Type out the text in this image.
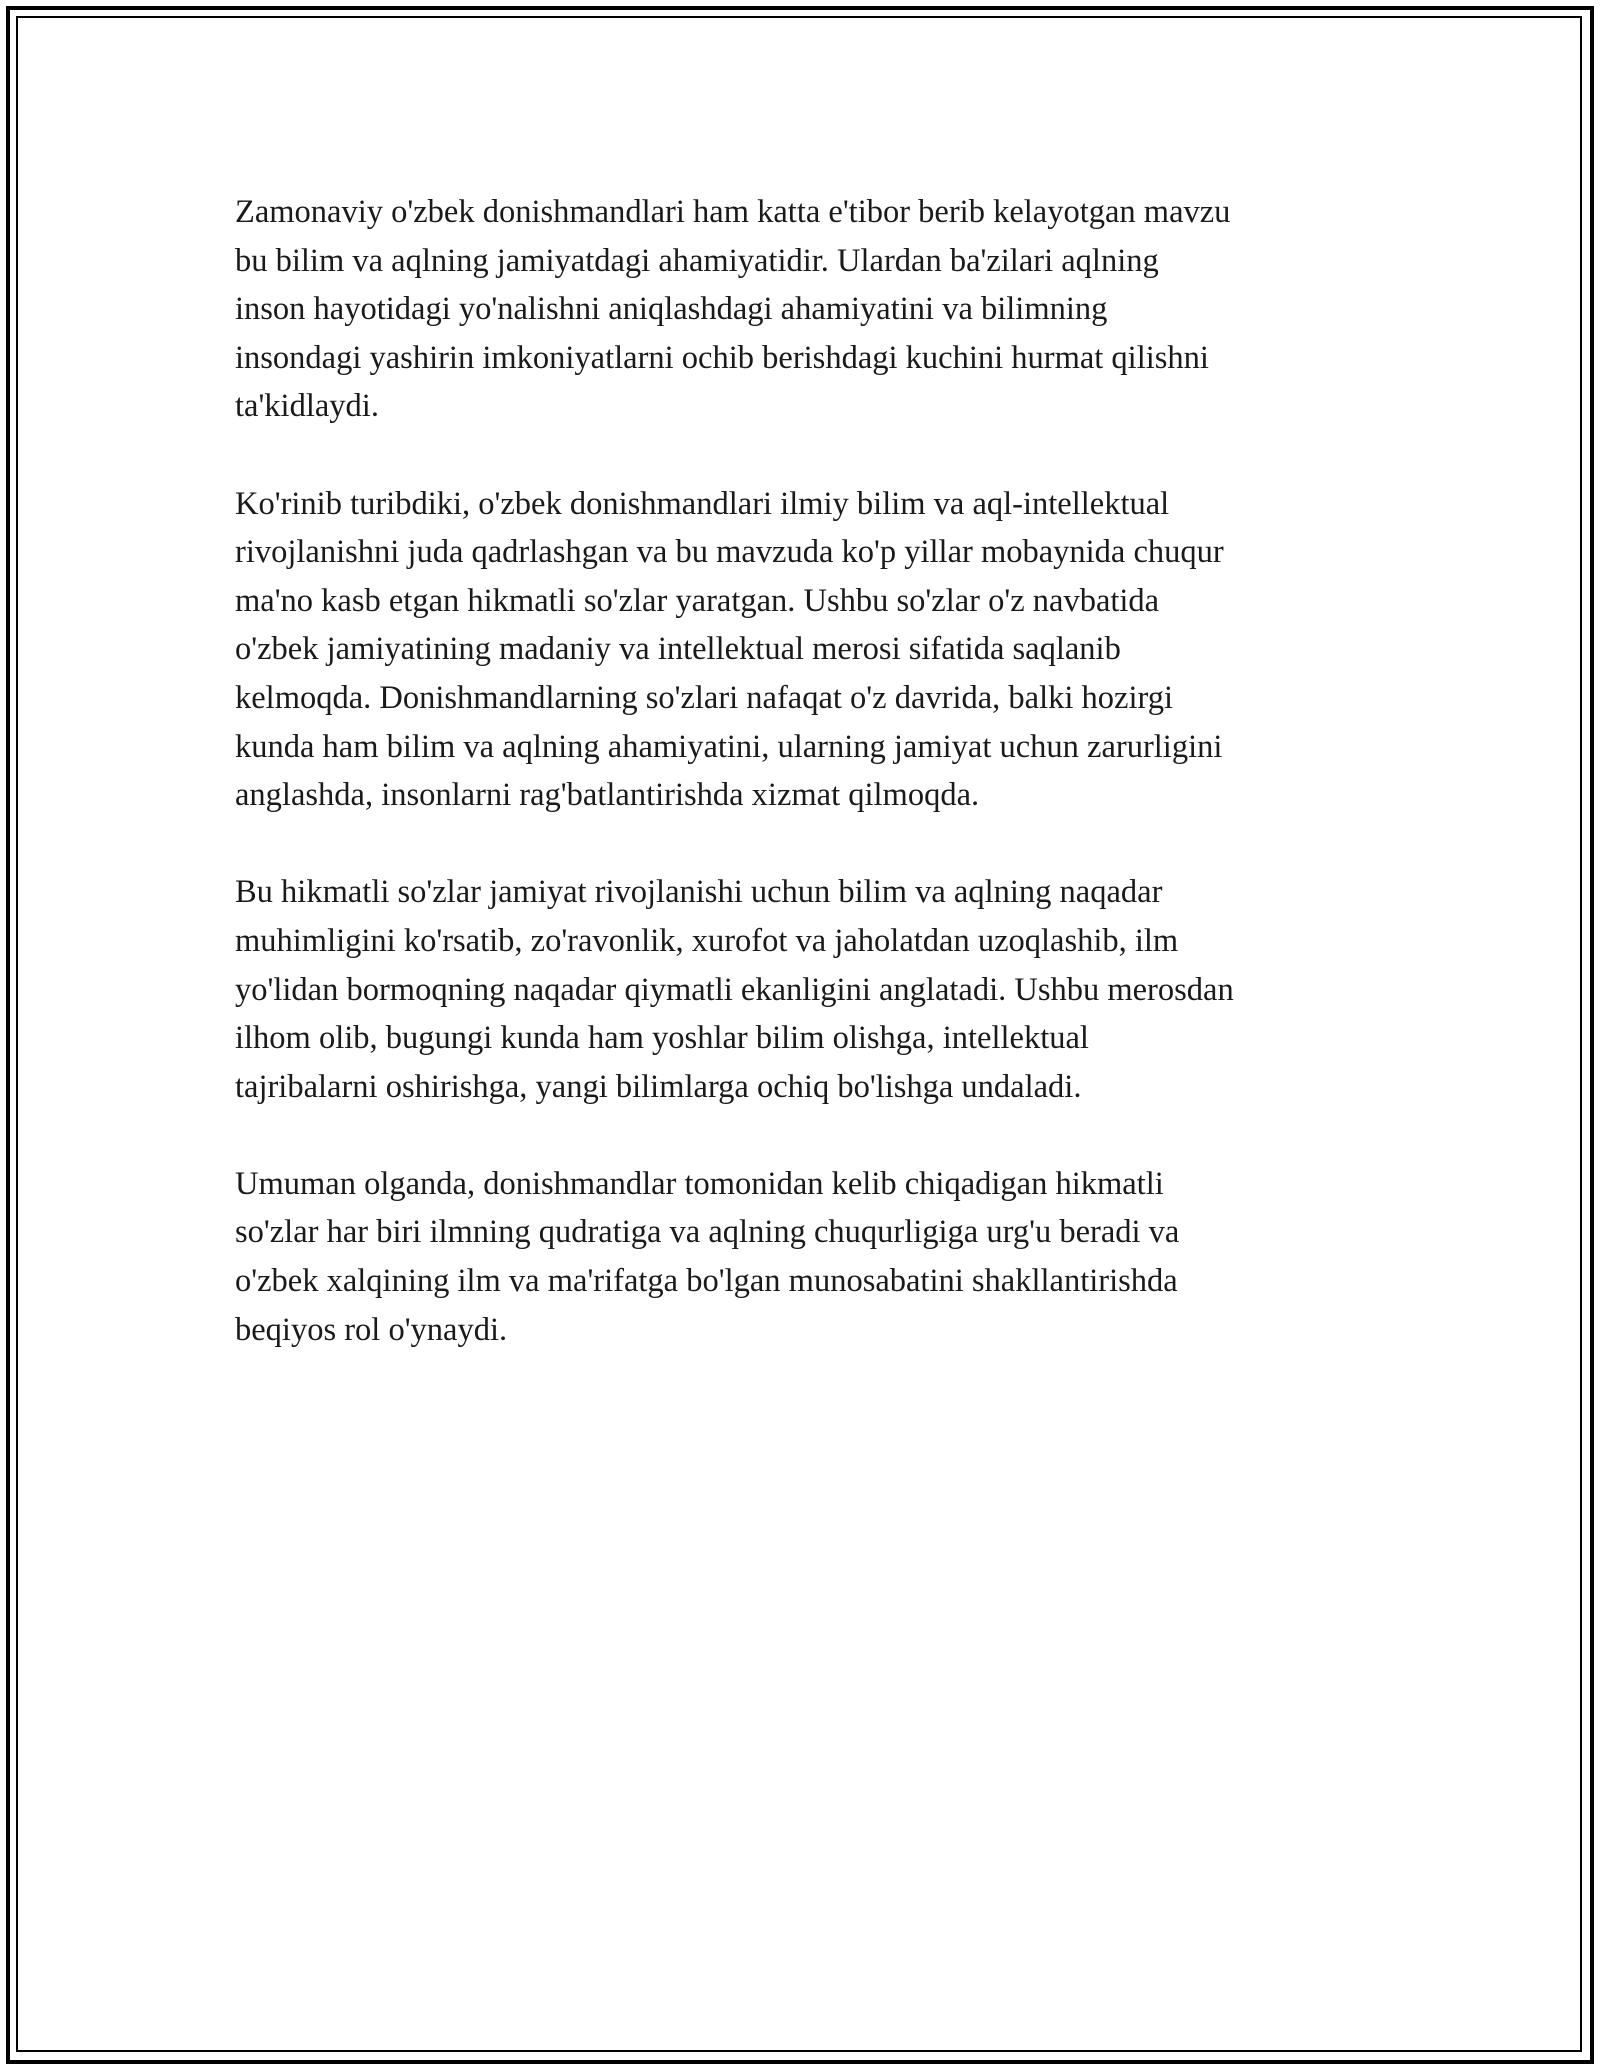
Zamonaviy o'zbek donishmandlari ham katta e'tibor berib kelayotgan mavzu
bu bilim va aqlning jamiyatdagi ahamiyatidir. Ulardan ba'zilari aqlning
inson hayotidagi yo'nalishni aniqlashdagi ahamiyatini va bilimning
insondagi yashirin imkoniyatlarni ochib berishdagi kuchini hurmat qilishni
ta'kidlaydi.

Ko'rinib turibdiki, o'zbek donishmandlari ilmiy bilim va aql-intellektual
rivojlanishni juda qadrlashgan va bu mavzuda ko'p yillar mobaynida chuqur
ma'no kasb etgan hikmatli so'zlar yaratgan. Ushbu so'zlar o'z navbatida
o'zbek jamiyatining madaniy va intellektual merosi sifatida saqlanib
kelmoqda. Donishmandlarning so'zlari nafaqat o'z davrida, balki hozirgi
kunda ham bilim va aqlning ahamiyatini, ularning jamiyat uchun zarurligini
anglashda, insonlarni rag'batlantirishda xizmat qilmoqda.

Bu hikmatli so'zlar jamiyat rivojlanishi uchun bilim va aqlning naqadar
muhimligini ko'rsatib, zo'ravonlik, xurofot va jaholatdan uzoqlashib, ilm
yo'lidan bormoqning naqadar qiymatli ekanligini anglatadi. Ushbu merosdan
ilhom olib, bugungi kunda ham yoshlar bilim olishga, intellektual
tajribalarni oshirishga, yangi bilimlarga ochiq bo'lishga undaladi.

Umuman olganda, donishmandlar tomonidan kelib chiqadigan hikmatli
so'zlar har biri ilmning qudratiga va aqlning chuqurligiga urg'u beradi va
o'zbek xalqining ilm va ma'rifatga bo'lgan munosabatini shakllantirishda
beqiyos rol o'ynaydi.
